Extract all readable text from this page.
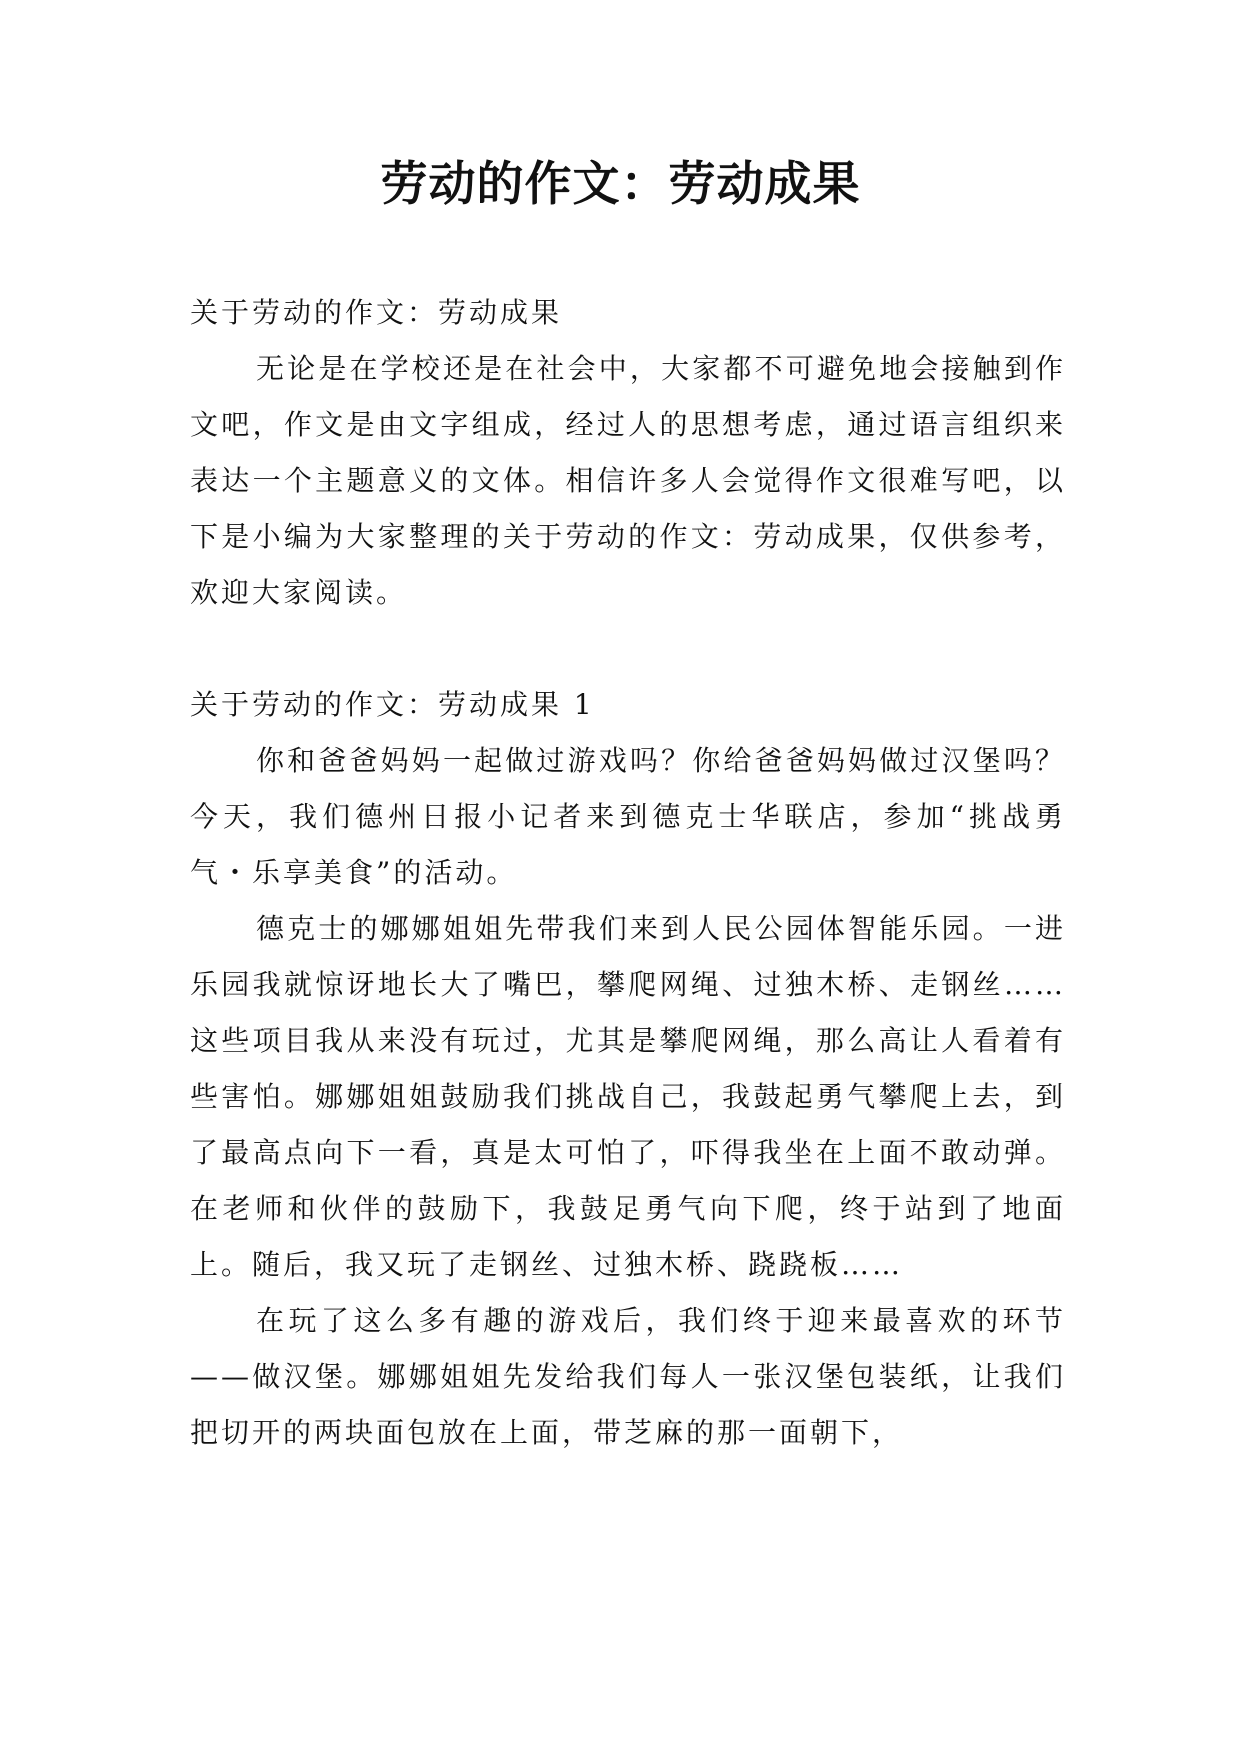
劳动的作文：劳动成果

关于劳动的作文：劳动成果

无论是在学校还是在社会中，大家都不可避免地会接触到作文吧，作文是由文字组成，经过人的思想考虑，通过语言组织来表达一个主题意义的文体。相信许多人会觉得作文很难写吧，以下是小编为大家整理的关于劳动的作文：劳动成果，仅供参考，欢迎大家阅读。

关于劳动的作文：劳动成果 1

你和爸爸妈妈一起做过游戏吗？你给爸爸妈妈做过汉堡吗？今天，我们德州日报小记者来到德克士华联店，参加“挑战勇气・乐享美食”的活动。

德克士的娜娜姐姐先带我们来到人民公园体智能乐园。一进乐园我就惊讶地长大了嘴巴，攀爬网绳、过独木桥、走钢丝……这些项目我从来没有玩过，尤其是攀爬网绳，那么高让人看着有些害怕。娜娜姐姐鼓励我们挑战自己，我鼓起勇气攀爬上去，到了最高点向下一看，真是太可怕了，吓得我坐在上面不敢动弹。在老师和伙伴的鼓励下，我鼓足勇气向下爬，终于站到了地面上。随后，我又玩了走钢丝、过独木桥、跷跷板……

在玩了这么多有趣的游戏后，我们终于迎来最喜欢的环节——做汉堡。娜娜姐姐先发给我们每人一张汉堡包装纸，让我们把切开的两块面包放在上面，带芝麻的那一面朝下，
